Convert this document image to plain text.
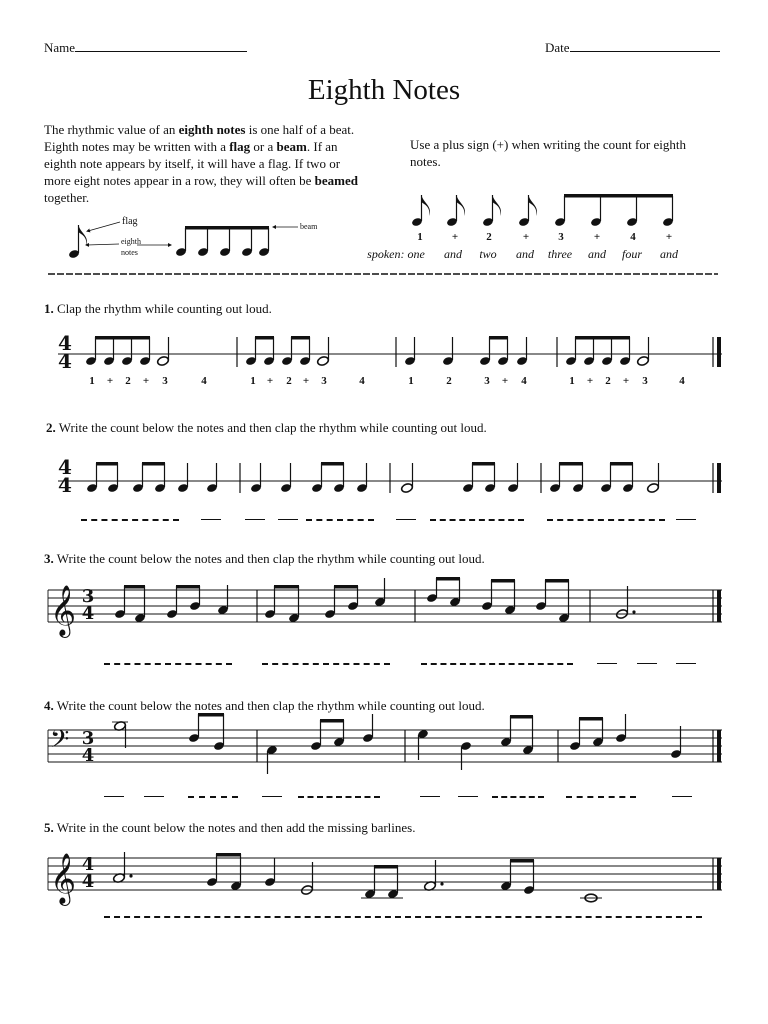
Name	Date
Eighth Notes
The rhythmic value of an eighth notes is one half of a beat. Eighth notes may be written with a flag or a beam. If an eighth note appears by itself, it will have a flag. If two or more eight notes appear in a row, they will often be beamed together.
Use a plus sign (+) when writing the count for eighth notes.
flag
eighth
notes
beam
1	+	2	+	3	+	4	+
spoken: one and two and three and four and
1. Clap the rhythm while counting out loud.
2. Write the count below the notes and then clap the rhythm while counting out loud.
3. Write the count below the notes and then clap the rhythm while counting out loud.
4. Write the count below the notes and then clap the rhythm while counting out loud.
5. Write in the count below the notes and then add the missing barlines.
1 + 2 + 3	4	1 + 2 + 3	4	1	2	3 + 4	1 + 2 + 3	4
4
4
4
4
3
4
3
4
4
4
𝄞
𝄢
𝄞
